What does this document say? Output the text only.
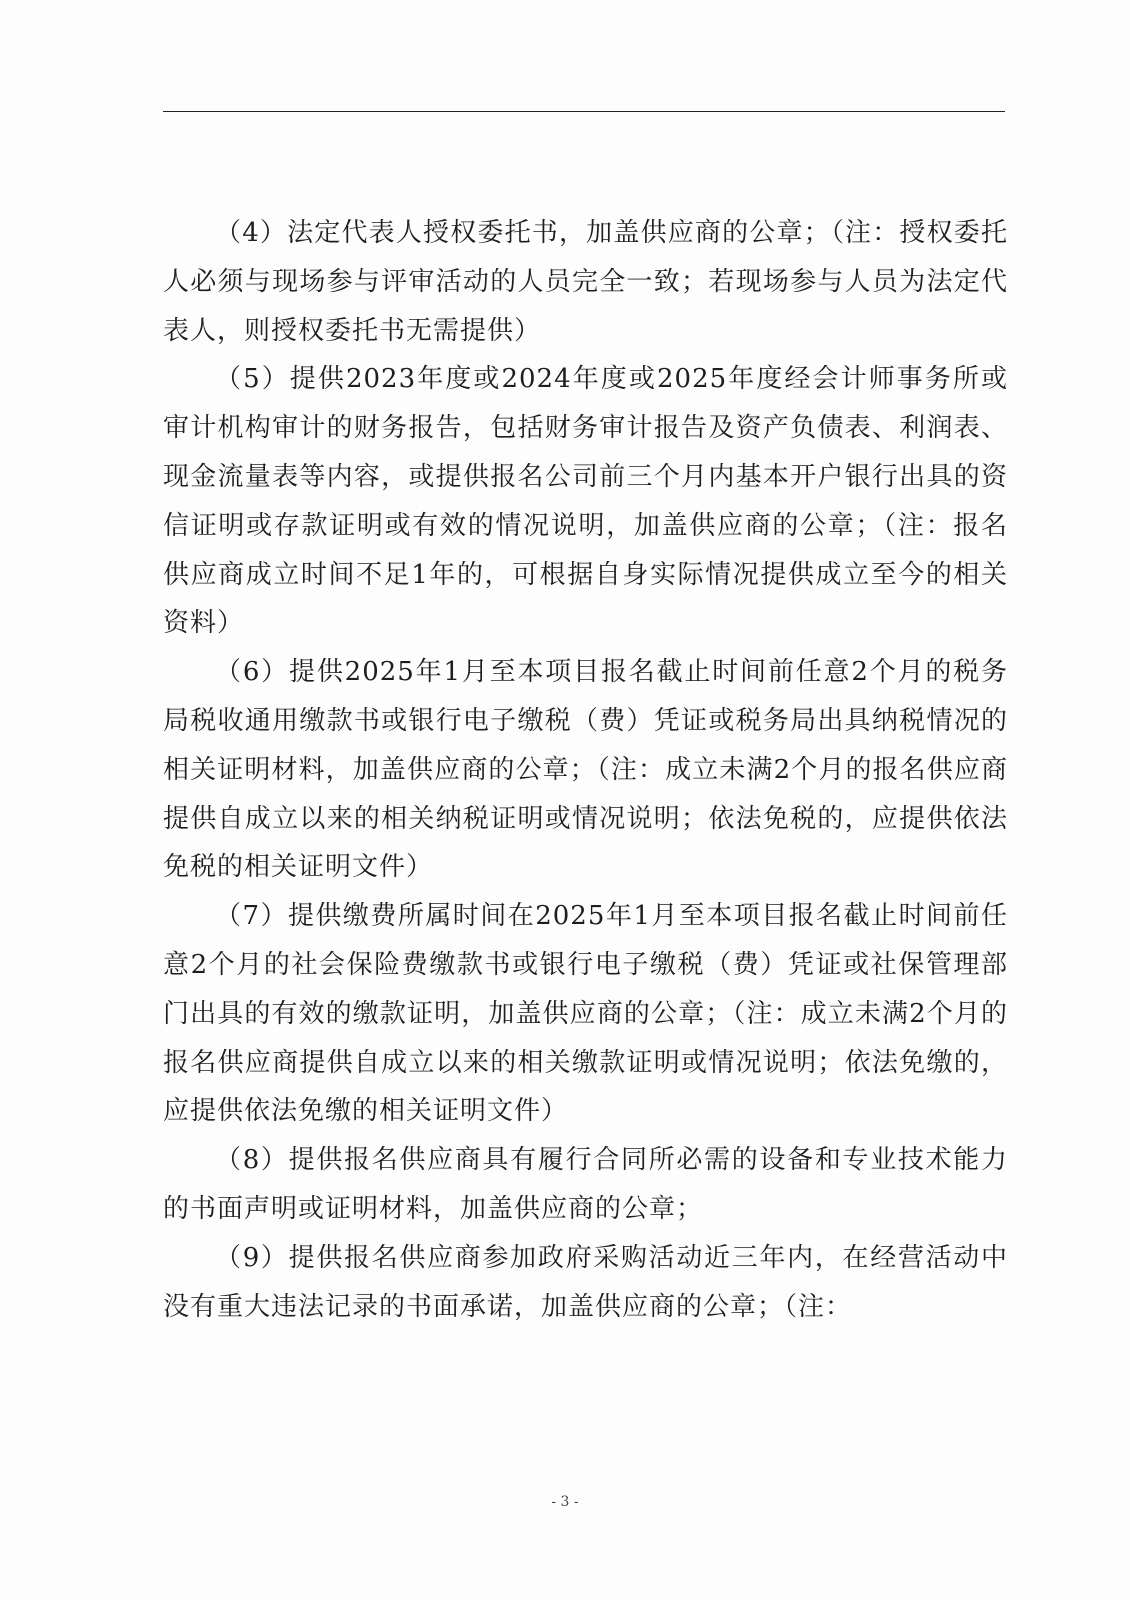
（4）法定代表人授权委托书，加盖供应商的公章；（注：授权委托人必须与现场参与评审活动的人员完全一致；若现场参与人员为法定代表人，则授权委托书无需提供）

（5）提供2023年度或2024年度或2025年度经会计师事务所或审计机构审计的财务报告，包括财务审计报告及资产负债表、利润表、现金流量表等内容，或提供报名公司前三个月内基本开户银行出具的资信证明或存款证明或有效的情况说明，加盖供应商的公章；（注：报名供应商成立时间不足1年的，可根据自身实际情况提供成立至今的相关资料）

（6）提供2025年1月至本项目报名截止时间前任意2个月的税务局税收通用缴款书或银行电子缴税（费）凭证或税务局出具纳税情况的相关证明材料，加盖供应商的公章；（注：成立未满2个月的报名供应商提供自成立以来的相关纳税证明或情况说明；依法免税的，应提供依法免税的相关证明文件）

（7）提供缴费所属时间在2025年1月至本项目报名截止时间前任意2个月的社会保险费缴款书或银行电子缴税（费）凭证或社保管理部门出具的有效的缴款证明，加盖供应商的公章；（注：成立未满2个月的报名供应商提供自成立以来的相关缴款证明或情况说明；依法免缴的，应提供依法免缴的相关证明文件）

（8）提供报名供应商具有履行合同所必需的设备和专业技术能力的书面声明或证明材料，加盖供应商的公章；

（9）提供报名供应商参加政府采购活动近三年内，在经营活动中没有重大违法记录的书面承诺，加盖供应商的公章；（注：

- 3 -
